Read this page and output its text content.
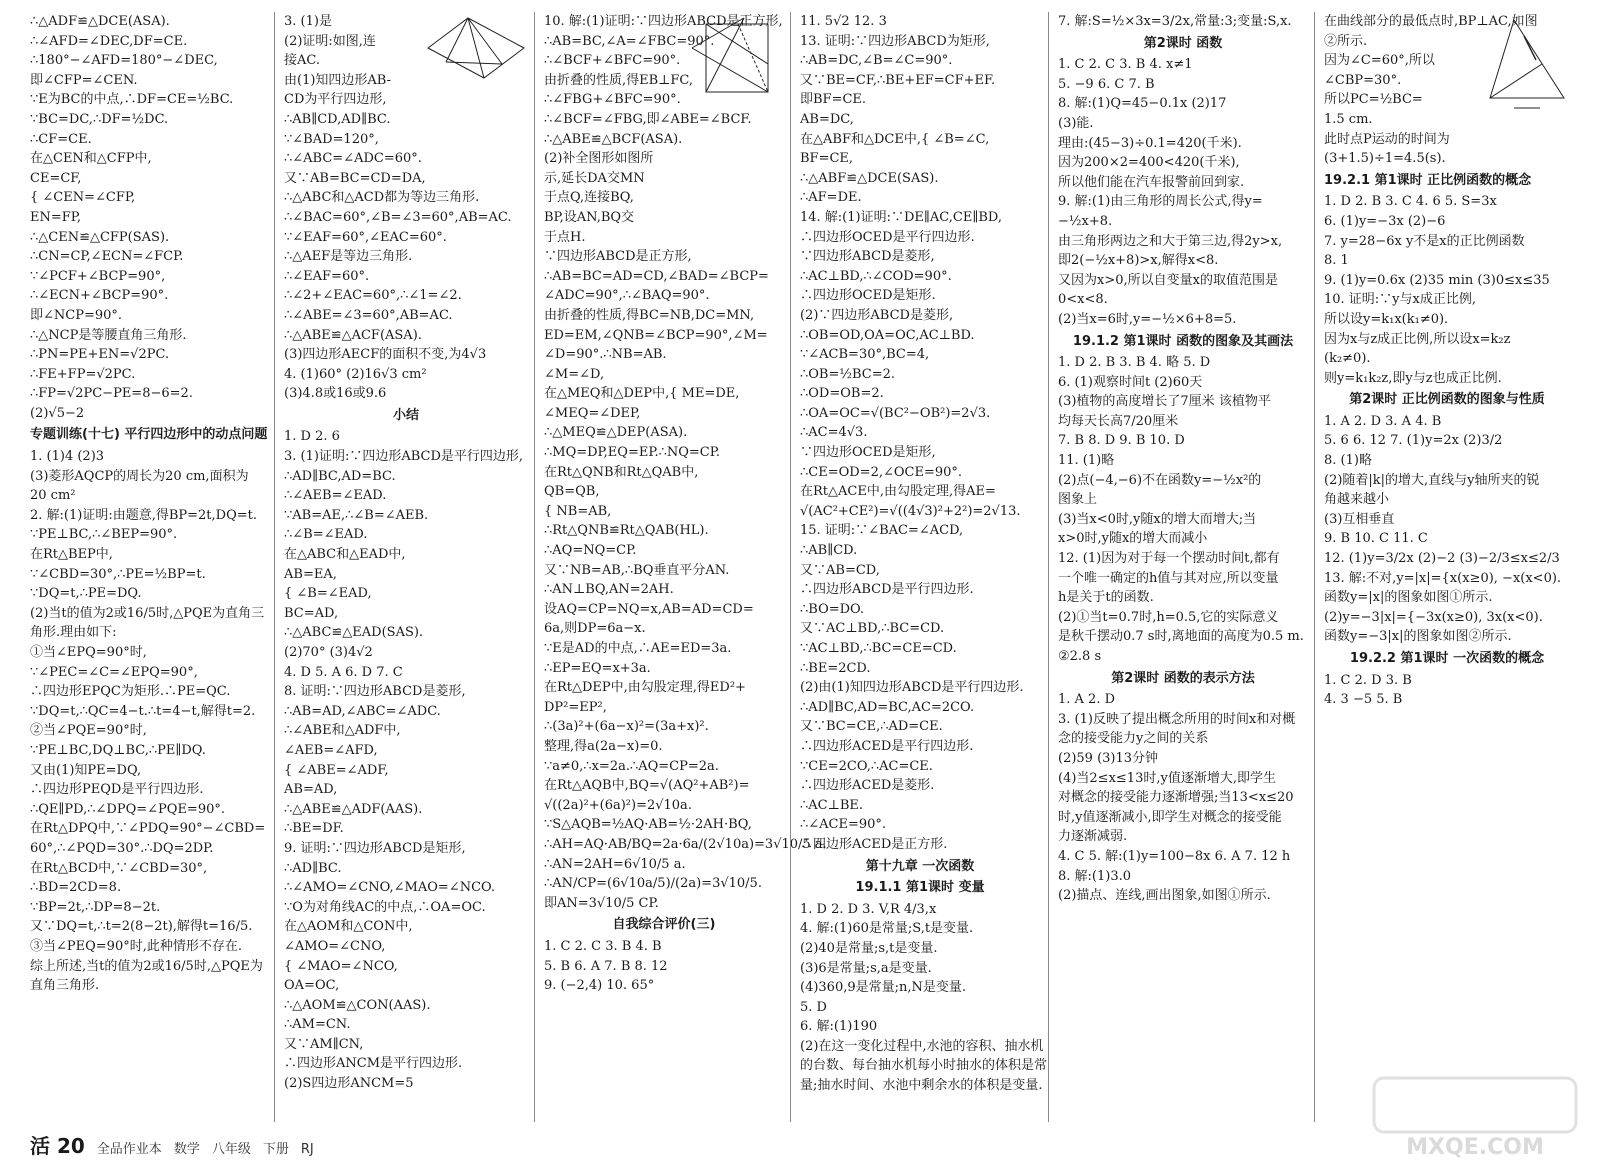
∴△ADF≌△DCE(ASA).
∴∠AFD=∠DEC,DF=CE.
∴180°−∠AFD=180°−∠DEC,
即∠CFP=∠CEN.
∵E为BC的中点,∴DF=CE=½BC.
∵BC=DC,∴DF=½DC.
∴CF=CE.
在△CEN和△CFP中,
CE=CF,
{ ∠CEN=∠CFP,
EN=FP,
∴△CEN≌△CFP(SAS).
∴CN=CP,∠ECN=∠FCP.
∵∠PCF+∠BCP=90°,
∴∠ECN+∠BCP=90°.
即∠NCP=90°.
∴△NCP是等腰直角三角形.
∴PN=PE+EN=√2PC.
∴FE+FP=√2PC.
∴FP=√2PC−PE=8−6=2.
(2)√5−2
专题训练(十七) 平行四边形中的动点问题
1. (1)4 (2)3
(3)菱形AQCP的周长为20 cm,面积为
20 cm²
2. 解:(1)证明:由题意,得BP=2t,DQ=t.
∵PE⊥BC,∴∠BEP=90°.
在Rt△BEP中,
∵∠CBD=30°,∴PE=½BP=t.
∵DQ=t,∴PE=DQ.
(2)当t的值为2或16/5时,△PQE为直角三
角形.理由如下:
①当∠EPQ=90°时,
∵∠PEC=∠C=∠EPQ=90°,
∴四边形EPQC为矩形.∴PE=QC.
∵DQ=t,∴QC=4−t.∴t=4−t,解得t=2.
②当∠PQE=90°时,
∵PE⊥BC,DQ⊥BC,∴PE∥DQ.
又由(1)知PE=DQ,
∴四边形PEQD是平行四边形.
∴QE∥PD,∴∠DPQ=∠PQE=90°.
在Rt△DPQ中,∵∠PDQ=90°−∠CBD=
60°,∴∠PQD=30°.∴DQ=2DP.
在Rt△BCD中,∵∠CBD=30°,
∴BD=2CD=8.
∵BP=2t,∴DP=8−2t.
又∵DQ=t,∴t=2(8−2t),解得t=16/5.
③当∠PEQ=90°时,此种情形不存在.
综上所述,当t的值为2或16/5时,△PQE为
直角三角形.
3. (1)是
(2)证明:如图,连
接AC.
由(1)知四边形AB-
CD为平行四边形,
∴AB∥CD,AD∥BC.
∵∠BAD=120°,
∴∠ABC=∠ADC=60°.
又∵AB=BC=CD=DA,
∴△ABC和△ACD都为等边三角形.
∴∠BAC=60°,∠B=∠3=60°,AB=AC.
∵∠EAF=60°,∠EAC=60°.
∴△AEF是等边三角形.
∴∠EAF=60°.
∴∠2+∠EAC=60°,∴∠1=∠2.
∴∠ABE=∠3=60°,AB=AC.
∴△ABE≌△ACF(ASA).
(3)四边形AECF的面积不变,为4√3
4. (1)60° (2)16√3 cm²
(3)4.8或16或9.6
小结
1. D 2. 6
3. (1)证明:∵四边形ABCD是平行四边形,
∴AD∥BC,AD=BC.
∴∠AEB=∠EAD.
∵AB=AE,∴∠B=∠AEB.
∴∠B=∠EAD.
在△ABC和△EAD中,
AB=EA,
{ ∠B=∠EAD,
BC=AD,
∴△ABC≌△EAD(SAS).
(2)70° (3)4√2
4. D 5. A 6. D 7. C
8. 证明:∵四边形ABCD是菱形,
∴AB=AD,∠ABC=∠ADC.
∴∠ABE和△ADF中,
∠AEB=∠AFD,
{ ∠ABE=∠ADF,
AB=AD,
∴△ABE≌△ADF(AAS).
∴BE=DF.
9. 证明:∵四边形ABCD是矩形,
∴AD∥BC.
∴∠AMO=∠CNO,∠MAO=∠NCO.
∵O为对角线AC的中点,∴OA=OC.
在△AOM和△CON中,
∠AMO=∠CNO,
{ ∠MAO=∠NCO,
OA=OC,
∴△AOM≌△CON(AAS).
∴AM=CN.
又∵AM∥CN,
∴四边形ANCM是平行四边形.
(2)S四边形ANCM=5
10. 解:(1)证明:∵四边形ABCD是正方形,
∴AB=BC,∠A=∠FBC=90°.
∴∠BCF+∠BFC=90°.
由折叠的性质,得EB⊥FC,
∴∠FBG+∠BFC=90°.
∴∠BCF=∠FBG,即∠ABE=∠BCF.
∴△ABE≌△BCF(ASA).
(2)补全图形如图所
示,延长DA交MN
于点Q,连接BQ,
BP,设AN,BQ交
于点H.
∵四边形ABCD是正方形,
∴AB=BC=AD=CD,∠BAD=∠BCP=
∠ADC=90°,∴∠BAQ=90°.
由折叠的性质,得BC=NB,DC=MN,
ED=EM,∠QNB=∠BCP=90°,∠M=
∠D=90°.∴NB=AB.
∠M=∠D,
在△MEQ和△DEP中,{ ME=DE,
∠MEQ=∠DEP,
∴△MEQ≌△DEP(ASA).
∴MQ=DP,EQ=EP.∴NQ=CP.
在Rt△QNB和Rt△QAB中,
QB=QB,
{ NB=AB,
∴Rt△QNB≌Rt△QAB(HL).
∴AQ=NQ=CP.
又∵NB=AB,∴BQ垂直平分AN.
∴AN⊥BQ,AN=2AH.
设AQ=CP=NQ=x,AB=AD=CD=
6a,则DP=6a−x.
∵E是AD的中点,∴AE=ED=3a.
∴EP=EQ=x+3a.
在Rt△DEP中,由勾股定理,得ED²+
DP²=EP²,
∴(3a)²+(6a−x)²=(3a+x)².
整理,得a(2a−x)=0.
∵a≠0,∴x=2a.∴AQ=CP=2a.
在Rt△AQB中,BQ=√(AQ²+AB²)=
√((2a)²+(6a)²)=2√10a.
∵S△AQB=½AQ·AB=½·2AH·BQ,
∴AH=AQ·AB/BQ=2a·6a/(2√10a)=3√10/5 a.
∴AN=2AH=6√10/5 a.
∴AN/CP=(6√10a/5)/(2a)=3√10/5.
即AN=3√10/5 CP.
自我综合评价(三)
1. C 2. C 3. B 4. B
5. B 6. A 7. B 8. 12
9. (−2,4) 10. 65°
11. 5√2 12. 3
13. 证明:∵四边形ABCD为矩形,
∴AB=DC,∠B=∠C=90°.
又∵BE=CF,∴BE+EF=CF+EF.
即BF=CE.
AB=DC,
在△ABF和△DCE中,{ ∠B=∠C,
BF=CE,
∴△ABF≌△DCE(SAS).
∴AF=DE.
14. 解:(1)证明:∵DE∥AC,CE∥BD,
∴四边形OCED是平行四边形.
∵四边形ABCD是菱形,
∴AC⊥BD,∴∠COD=90°.
∴四边形OCED是矩形.
(2)∵四边形ABCD是菱形,
∴OB=OD,OA=OC,AC⊥BD.
∵∠ACB=30°,BC=4,
∴OB=½BC=2.
∴OD=OB=2.
∴OA=OC=√(BC²−OB²)=2√3.
∴AC=4√3.
∵四边形OCED是矩形,
∴CE=OD=2,∠OCE=90°.
在Rt△ACE中,由勾股定理,得AE=
√(AC²+CE²)=√((4√3)²+2²)=2√13.
15. 证明:∵∠BAC=∠ACD,
∴AB∥CD.
又∵AB=CD,
∴四边形ABCD是平行四边形.
∴BO=DO.
又∵AC⊥BD,∴BC=CD.
∵AC⊥BD,∴BC=CE=CD.
∴BE=2CD.
(2)由(1)知四边形ABCD是平行四边形.
∴AD∥BC,AD=BC,AC=2CO.
又∵BC=CE,∴AD=CE.
∴四边形ACED是平行四边形.
∵CE=2CO,∴AC=CE.
∴四边形ACED是菱形.
∴AC⊥BE.
∴∠ACE=90°.
∴四边形ACED是正方形.
第十九章 一次函数
19.1.1 第1课时 变量
1. D 2. D 3. V,R 4/3,x
4. 解:(1)60是常量;S,t是变量.
(2)40是常量;s,t是变量.
(3)6是常量;s,a是变量.
(4)360,9是常量;n,N是变量.
5. D
6. 解:(1)190
(2)在这一变化过程中,水池的容积、抽水机
的台数、每台抽水机每小时抽水的体积是常
量;抽水时间、水池中剩余水的体积是变量.
7. 解:S=½×3x=3/2x,常量:3;变量:S,x.
第2课时 函数
1. C 2. C 3. B 4. x≠1
5. −9 6. C 7. B
8. 解:(1)Q=45−0.1x (2)17
(3)能.
理由:(45−3)÷0.1=420(千米).
因为200×2=400<420(千米),
所以他们能在汽车报警前回到家.
9. 解:(1)由三角形的周长公式,得y=
−½x+8.
由三角形两边之和大于第三边,得2y>x,
即2(−½x+8)>x,解得x<8.
又因为x>0,所以自变量x的取值范围是
0<x<8.
(2)当x=6时,y=−½×6+8=5.
19.1.2 第1课时 函数的图象及其画法
1. D 2. B 3. B 4. 略 5. D
6. (1)观察时间t (2)60天
(3)植物的高度增长了7厘米 该植物平
均每天长高7/20厘米
7. B 8. D 9. B 10. D
11. (1)略
(2)点(−4,−6)不在函数y=−½x²的
图象上
(3)当x<0时,y随x的增大而增大;当
x>0时,y随x的增大而减小
12. (1)因为对于每一个摆动时间t,都有
一个唯一确定的h值与其对应,所以变量
h是关于t的函数.
(2)①当t=0.7时,h=0.5,它的实际意义
是秋千摆动0.7 s时,离地面的高度为0.5 m.
②2.8 s
第2课时 函数的表示方法
1. A 2. D
3. (1)反映了提出概念所用的时间x和对概
念的接受能力y之间的关系
(2)59 (3)13分钟
(4)当2≤x≤13时,y值逐渐增大,即学生
对概念的接受能力逐渐增强;当13<x≤20
时,y值逐渐减小,即学生对概念的接受能
力逐渐减弱.
4. C 5. 解:(1)y=100−8x 6. A 7. 12 h
8. 解:(1)3.0
(2)描点、连线,画出图象,如图①所示.
在曲线部分的最低点时,BP⊥AC,如图
②所示.
因为∠C=60°,所以
∠CBP=30°.
所以PC=½BC=
1.5 cm.
此时点P运动的时间为
(3+1.5)÷1=4.5(s).
19.2.1 第1课时 正比例函数的概念
1. D 2. B 3. C 4. 6 5. S=3x
6. (1)y=−3x (2)−6
7. y=28−6x y不是x的正比例函数
8. 1
9. (1)y=0.6x (2)35 min (3)0≤x≤35
10. 证明:∵y与x成正比例,
所以设y=k₁x(k₁≠0).
因为x与z成正比例,所以设x=k₂z
(k₂≠0).
则y=k₁k₂z,即y与z也成正比例.
第2课时 正比例函数的图象与性质
1. A 2. D 3. A 4. B
5. 6 6. 12 7. (1)y=2x (2)3/2
8. (1)略
(2)随着|k|的增大,直线与y轴所夹的锐
角越来越小
(3)互相垂直
9. B 10. C 11. C
12. (1)y=3/2x (2)−2 (3)−2/3≤x≤2/3
13. 解:不对,y=|x|={x(x≥0), −x(x<0).
函数y=|x|的图象如图①所示.
(2)y=−3|x|={−3x(x≥0), 3x(x<0).
函数y=−3|x|的图象如图②所示.
19.2.2 第1课时 一次函数的概念
1. C 2. D 3. B
4. 3 −5 5. B
活 20 全品作业本 数学 八年级 下册 RJ	MXQE.COM
